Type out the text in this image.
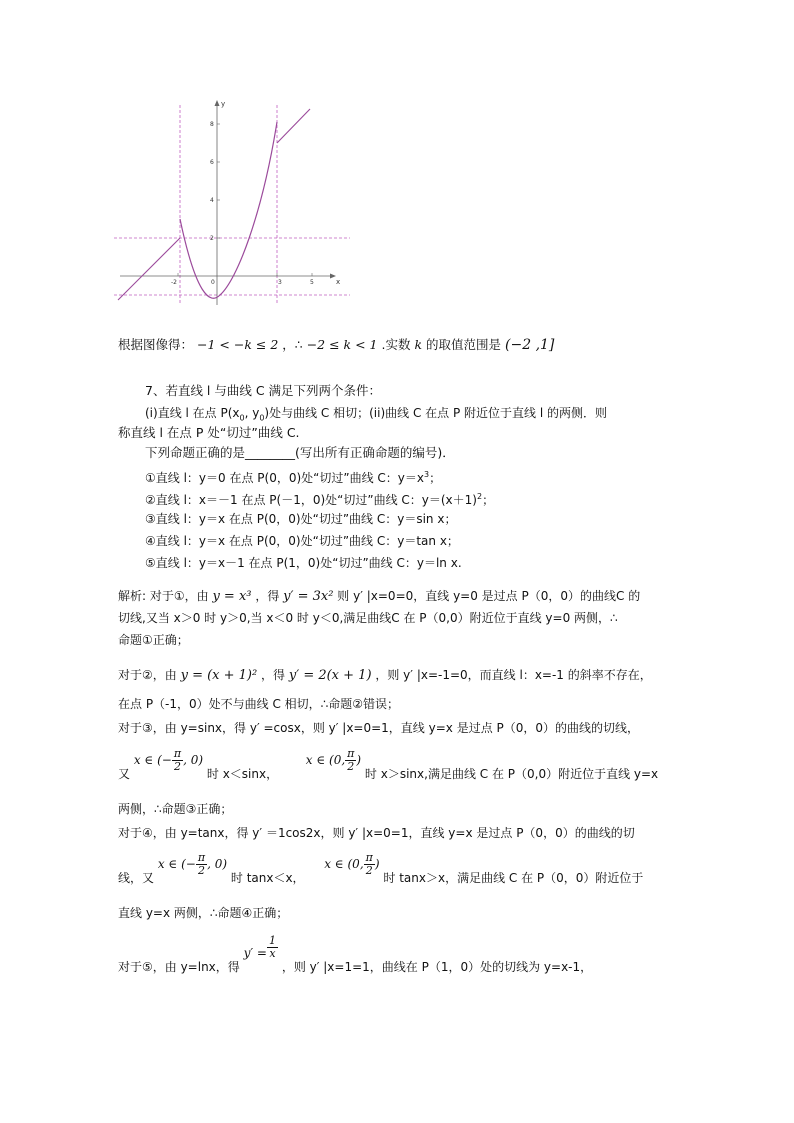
x
y
-2	0	3	5
8
6
4
2
根据图像得： −1 < −k ≤ 2 ，∴ −2 ≤ k < 1 .实数 k 的取值范围是 (−2 ,1]
7、若直线 l 与曲线 C 满足下列两个条件：
(i)直线 l 在点 $P(x_0$, $y_0$)处与曲线 C 相切；(ii)曲线 C 在点 P 附近位于直线 l 的两侧．则
称直线 l 在点 P 处“切过”曲线 C.
下列命题正确的是________(写出所有正确命题的编号)．
①直线 l：y＝0 在点 P(0，0)处“切过”曲线 C：$y=x^3$；
②直线 l：x＝－1 在点 P(－1，0)处“切过”曲线 C：$y=(x+1)^2$；
③直线 l：y＝x 在点 P(0，0)处“切过”曲线 C：y＝sin x；
④直线 l：y＝x 在点 P(0，0)处“切过”曲线 C：y＝tan x；
⑤直线 l：y＝x－1 在点 P(1，0)处“切过”曲线 C：y＝ln x.
解析: 对于①，由 y = x³ ，得 y′ = 3x² 则 y′ |x=0=0，直线 y=0 是过点 P（0，0）的曲线C 的
切线,又当 x＞0 时 y＞0,当 x＜0 时 y＜0,满足曲线C 在 P（0,0）附近位于直线 y=0 两侧，∴
命题①正确；
对于②，由 y = (x + 1)² ，得 y′ = 2(x + 1) ，则 y′ |x=-1=0，而直线 l：x=-1 的斜率不存在，
在点 P（-1，0）处不与曲线 C 相切，∴命题②错误；
对于③，由 y=sinx，得 y′ =cosx，则 y′ |x=0=1，直线 y=x 是过点 P（0，0）的曲线的切线，
又 x ∈ (− $\frac{\pi}{2}$ , 0) 时 x＜sinx，  x ∈ (0, $\frac{\pi}{2}$ ) 时 x＞sinx,满足曲线 C 在 P（0,0）附近位于直线 y=x
两侧，∴命题③正确；
对于④，由 y=tanx，得 y′ ＝1cos2x，则 y′ |x=0=1，直线 y=x 是过点 P（0，0）的曲线的切
线，又 x ∈ (− $\frac{\pi}{2}$ , 0) 时 tanx＜x，  x ∈ (0, $\frac{\pi}{2}$ ) 时 tanx＞x，满足曲线 C 在 P（0，0）附近位于
直线 y=x 两侧，∴命题④正确；
对于⑤，由 y=lnx，得 $y' = \frac{1}{x}$
，则 y′ |x=1=1，曲线在 P（1，0）处的切线为 y=x-1，
